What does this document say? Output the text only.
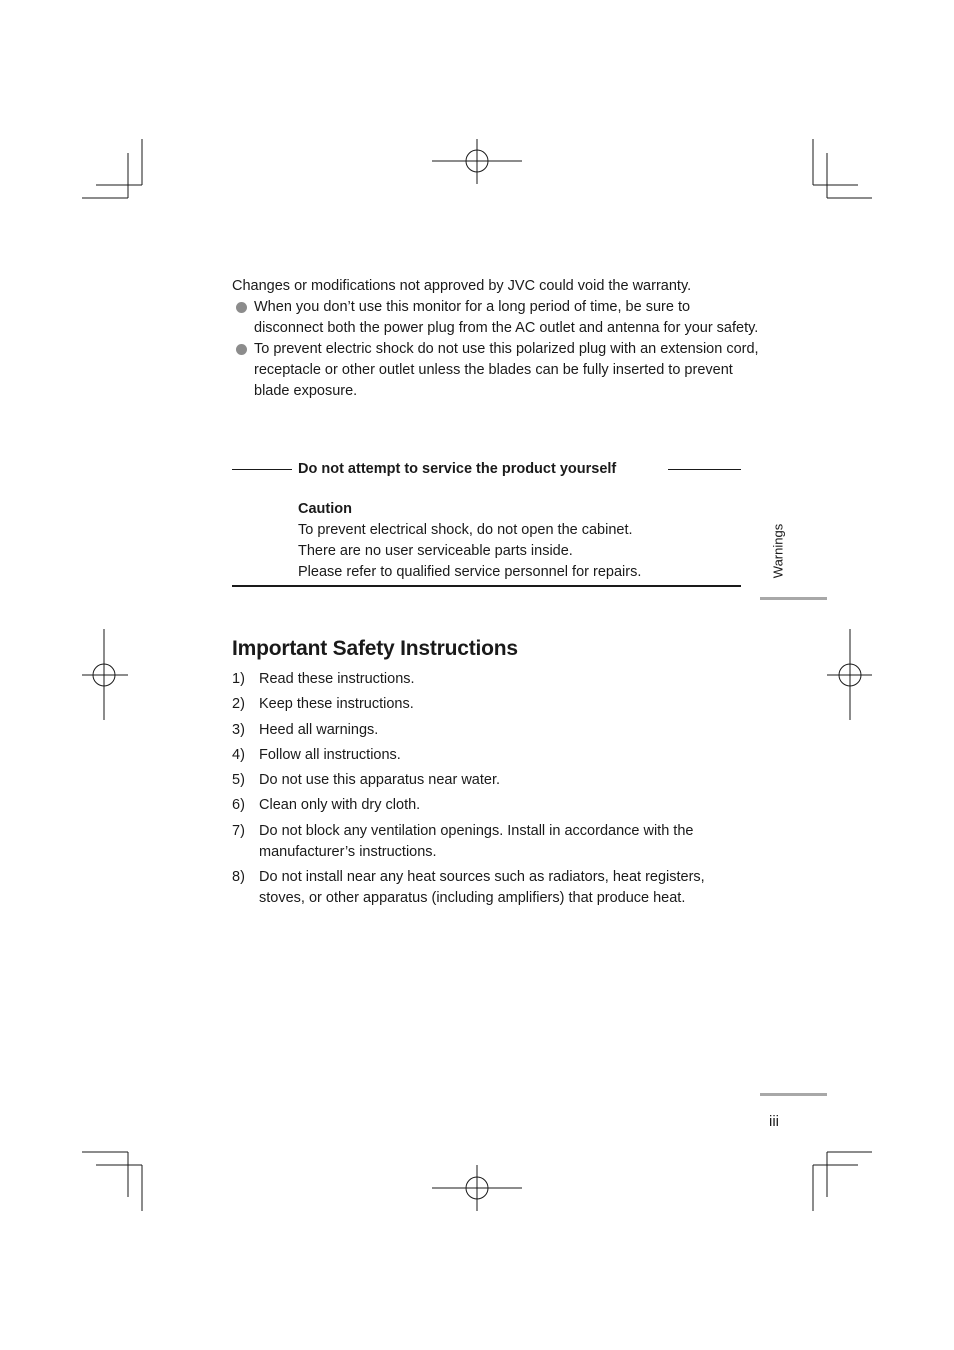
Changes or modifications not approved by JVC could void the warranty.
When you don’t use this monitor for a long period of time, be sure to disconnect both the power plug from the AC outlet and antenna for your safety.
To prevent electric shock do not use this polarized plug with an extension cord, receptacle or other outlet unless the blades can be fully inserted to prevent blade exposure.
Do not attempt to service the product yourself
Caution
To prevent electrical shock, do not open the cabinet.
There are no user serviceable parts inside.
Please refer to qualified service personnel for repairs.	Warnings
Important Safety Instructions
1) Read these instructions.
2) Keep these instructions.
3) Heed all warnings.
4) Follow all instructions.
5) Do not use this apparatus near water.
6) Clean only with dry cloth.
7) Do not block any ventilation openings. Install in accordance with the manufacturer’s instructions.
8) Do not install near any heat sources such as radiators, heat registers, stoves, or other apparatus (including amplifiers) that produce heat.
iii
